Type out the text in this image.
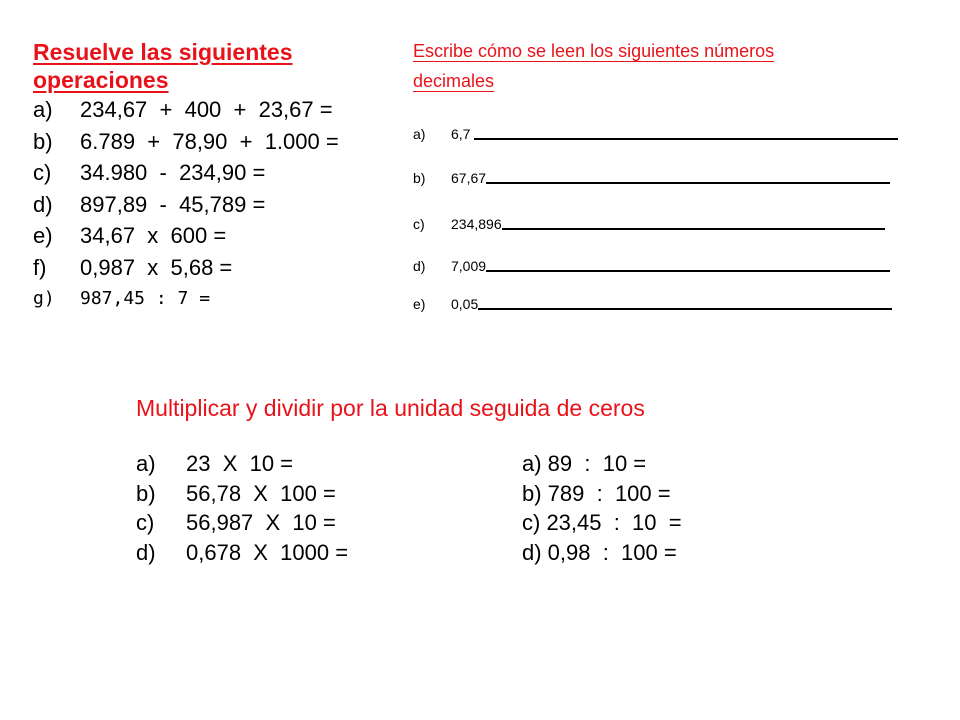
Resuelve las siguientes
operaciones
a)	234,67  +  400  +  23,67 =
b)	6.789  +  78,90  +  1.000 =
c)	34.980  -  234,90 =
d)	897,89  -  45,789 =
e)	34,67  x  600 =
f)	0,987  x  5,68 =
g)	987,45 : 7 =
Escribe cómo se leen los siguientes números
decimales
a)	6,7
b)	67,67
c)	234,896
d)	7,009
e)	0,05
Multiplicar y dividir por la unidad seguida de ceros
a)	23  X  10 =
b)	56,78  X  100 =
c)	56,987  X  10 =
d)	0,678  X  1000 =
a) 89  :  10 =
b) 789  :  100 =
c) 23,45  :  10  =
d) 0,98  :  100 =
